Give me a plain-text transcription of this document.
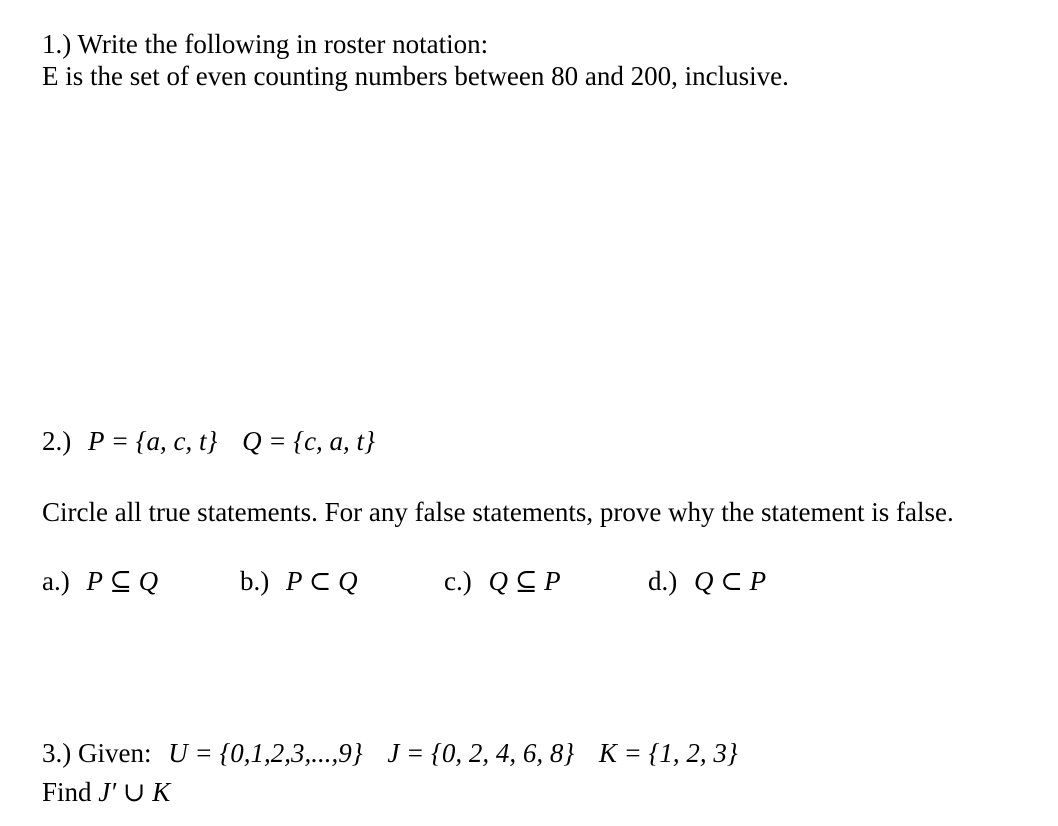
1.) Write the following in roster notation:
E is the set of even counting numbers between 80 and 200, inclusive.
2.) P = {a, c, t} Q = {c, a, t}
Circle all true statements. For any false statements, prove why the statement is false.
a.) P ⊆ Q	b.) P ⊂ Q	c.) Q ⊆ P	d.) Q ⊂ P
3.) Given: U = {0,1,2,3,...,9} J = {0, 2, 4, 6, 8} K = {1, 2, 3}
Find J′ ∪ K
